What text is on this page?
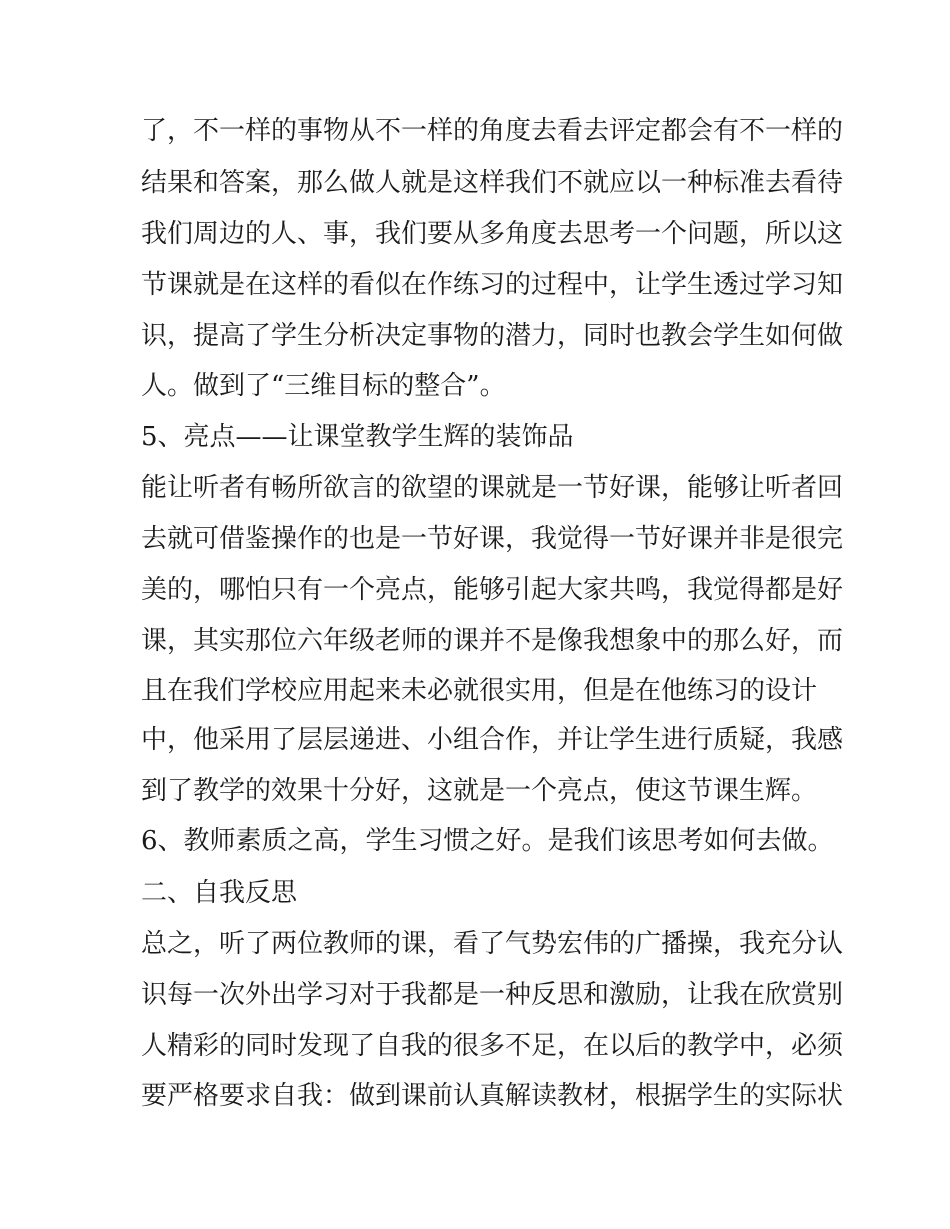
了，不一样的事物从不一样的角度去看去评定都会有不一样的

结果和答案，那么做人就是这样我们不就应以一种标准去看待

我们周边的人、事，我们要从多角度去思考一个问题，所以这

节课就是在这样的看似在作练习的过程中，让学生透过学习知

识，提高了学生分析决定事物的潜力，同时也教会学生如何做

人。做到了“三维目标的整合”。

5、亮点——让课堂教学生辉的装饰品

能让听者有畅所欲言的欲望的课就是一节好课，能够让听者回

去就可借鉴操作的也是一节好课，我觉得一节好课并非是很完

美的，哪怕只有一个亮点，能够引起大家共鸣，我觉得都是好

课，其实那位六年级老师的课并不是像我想象中的那么好，而

且在我们学校应用起来未必就很实用，但是在他练习的设计

中，他采用了层层递进、小组合作，并让学生进行质疑，我感

到了教学的效果十分好，这就是一个亮点，使这节课生辉。

6、教师素质之高，学生习惯之好。是我们该思考如何去做。

二、自我反思

总之，听了两位教师的课，看了气势宏伟的广播操，我充分认

识每一次外出学习对于我都是一种反思和激励，让我在欣赏别

人精彩的同时发现了自我的很多不足，在以后的教学中，必须

要严格要求自我：做到课前认真解读教材，根据学生的实际状
